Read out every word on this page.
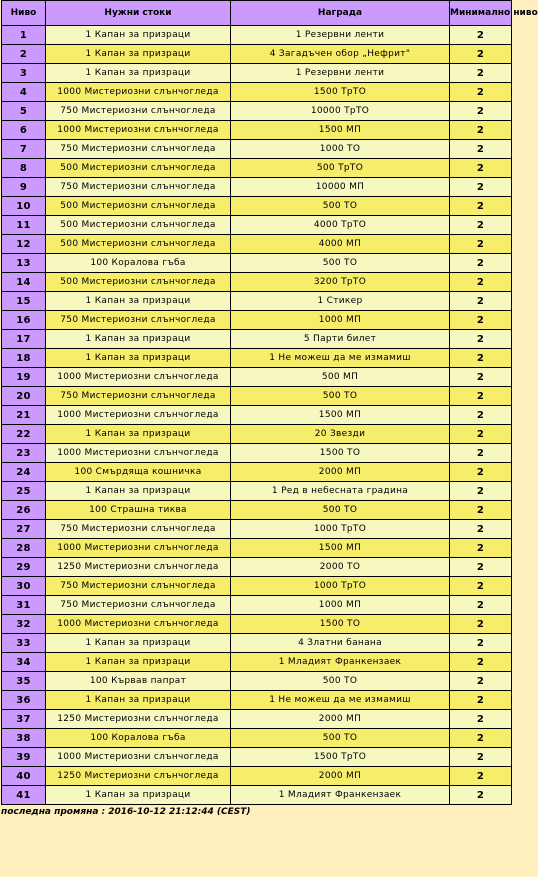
Ниво	Нужни стоки	Награда	Минимално ниво
1	1 Капан за призраци	1 Резервни ленти	2
2	1 Капан за призраци	4 Загадъчен обор „Нефрит"	2
3	1 Капан за призраци	1 Резервни ленти	2
4	1000 Мистериозни слънчогледа	1500 ТрТО	2
5	750 Мистериозни слънчогледа	10000 ТрТО	2
6	1000 Мистериозни слънчогледа	1500 МП	2
7	750 Мистериозни слънчогледа	1000 ТО	2
8	500 Мистериозни слънчогледа	500 ТрТО	2
9	750 Мистериозни слънчогледа	10000 МП	2
10	500 Мистериозни слънчогледа	500 ТО	2
11	500 Мистериозни слънчогледа	4000 ТрТО	2
12	500 Мистериозни слънчогледа	4000 МП	2
13	100 Коралова гъба	500 ТО	2
14	500 Мистериозни слънчогледа	3200 ТрТО	2
15	1 Капан за призраци	1 Стикер	2
16	750 Мистериозни слънчогледа	1000 МП	2
17	1 Капан за призраци	5 Парти билет	2
18	1 Капан за призраци	1 Не можеш да ме измамиш	2
19	1000 Мистериозни слънчогледа	500 МП	2
20	750 Мистериозни слънчогледа	500 ТО	2
21	1000 Мистериозни слънчогледа	1500 МП	2
22	1 Капан за призраци	20 Звезди	2
23	1000 Мистериозни слънчогледа	1500 ТО	2
24	100 Смърдяща кошничка	2000 МП	2
25	1 Капан за призраци	1 Ред в небесната градина	2
26	100 Страшна тиква	500 ТО	2
27	750 Мистериозни слънчогледа	1000 ТрТО	2
28	1000 Мистериозни слънчогледа	1500 МП	2
29	1250 Мистериозни слънчогледа	2000 ТО	2
30	750 Мистериозни слънчогледа	1000 ТрТО	2
31	750 Мистериозни слънчогледа	1000 МП	2
32	1000 Мистериозни слънчогледа	1500 ТО	2
33	1 Капан за призраци	4 Златни банана	2
34	1 Капан за призраци	1 Младият Франкензаек	2
35	100 Кървав папрат	500 ТО	2
36	1 Капан за призраци	1 Не можеш да ме измамиш	2
37	1250 Мистериозни слънчогледа	2000 МП	2
38	100 Коралова гъба	500 ТО	2
39	1000 Мистериозни слънчогледа	1500 ТрТО	2
40	1250 Мистериозни слънчогледа	2000 МП	2
41	1 Капан за призраци	1 Младият Франкензаек	2
последна промяна : 2016-10-12 21:12:44 (CEST)
